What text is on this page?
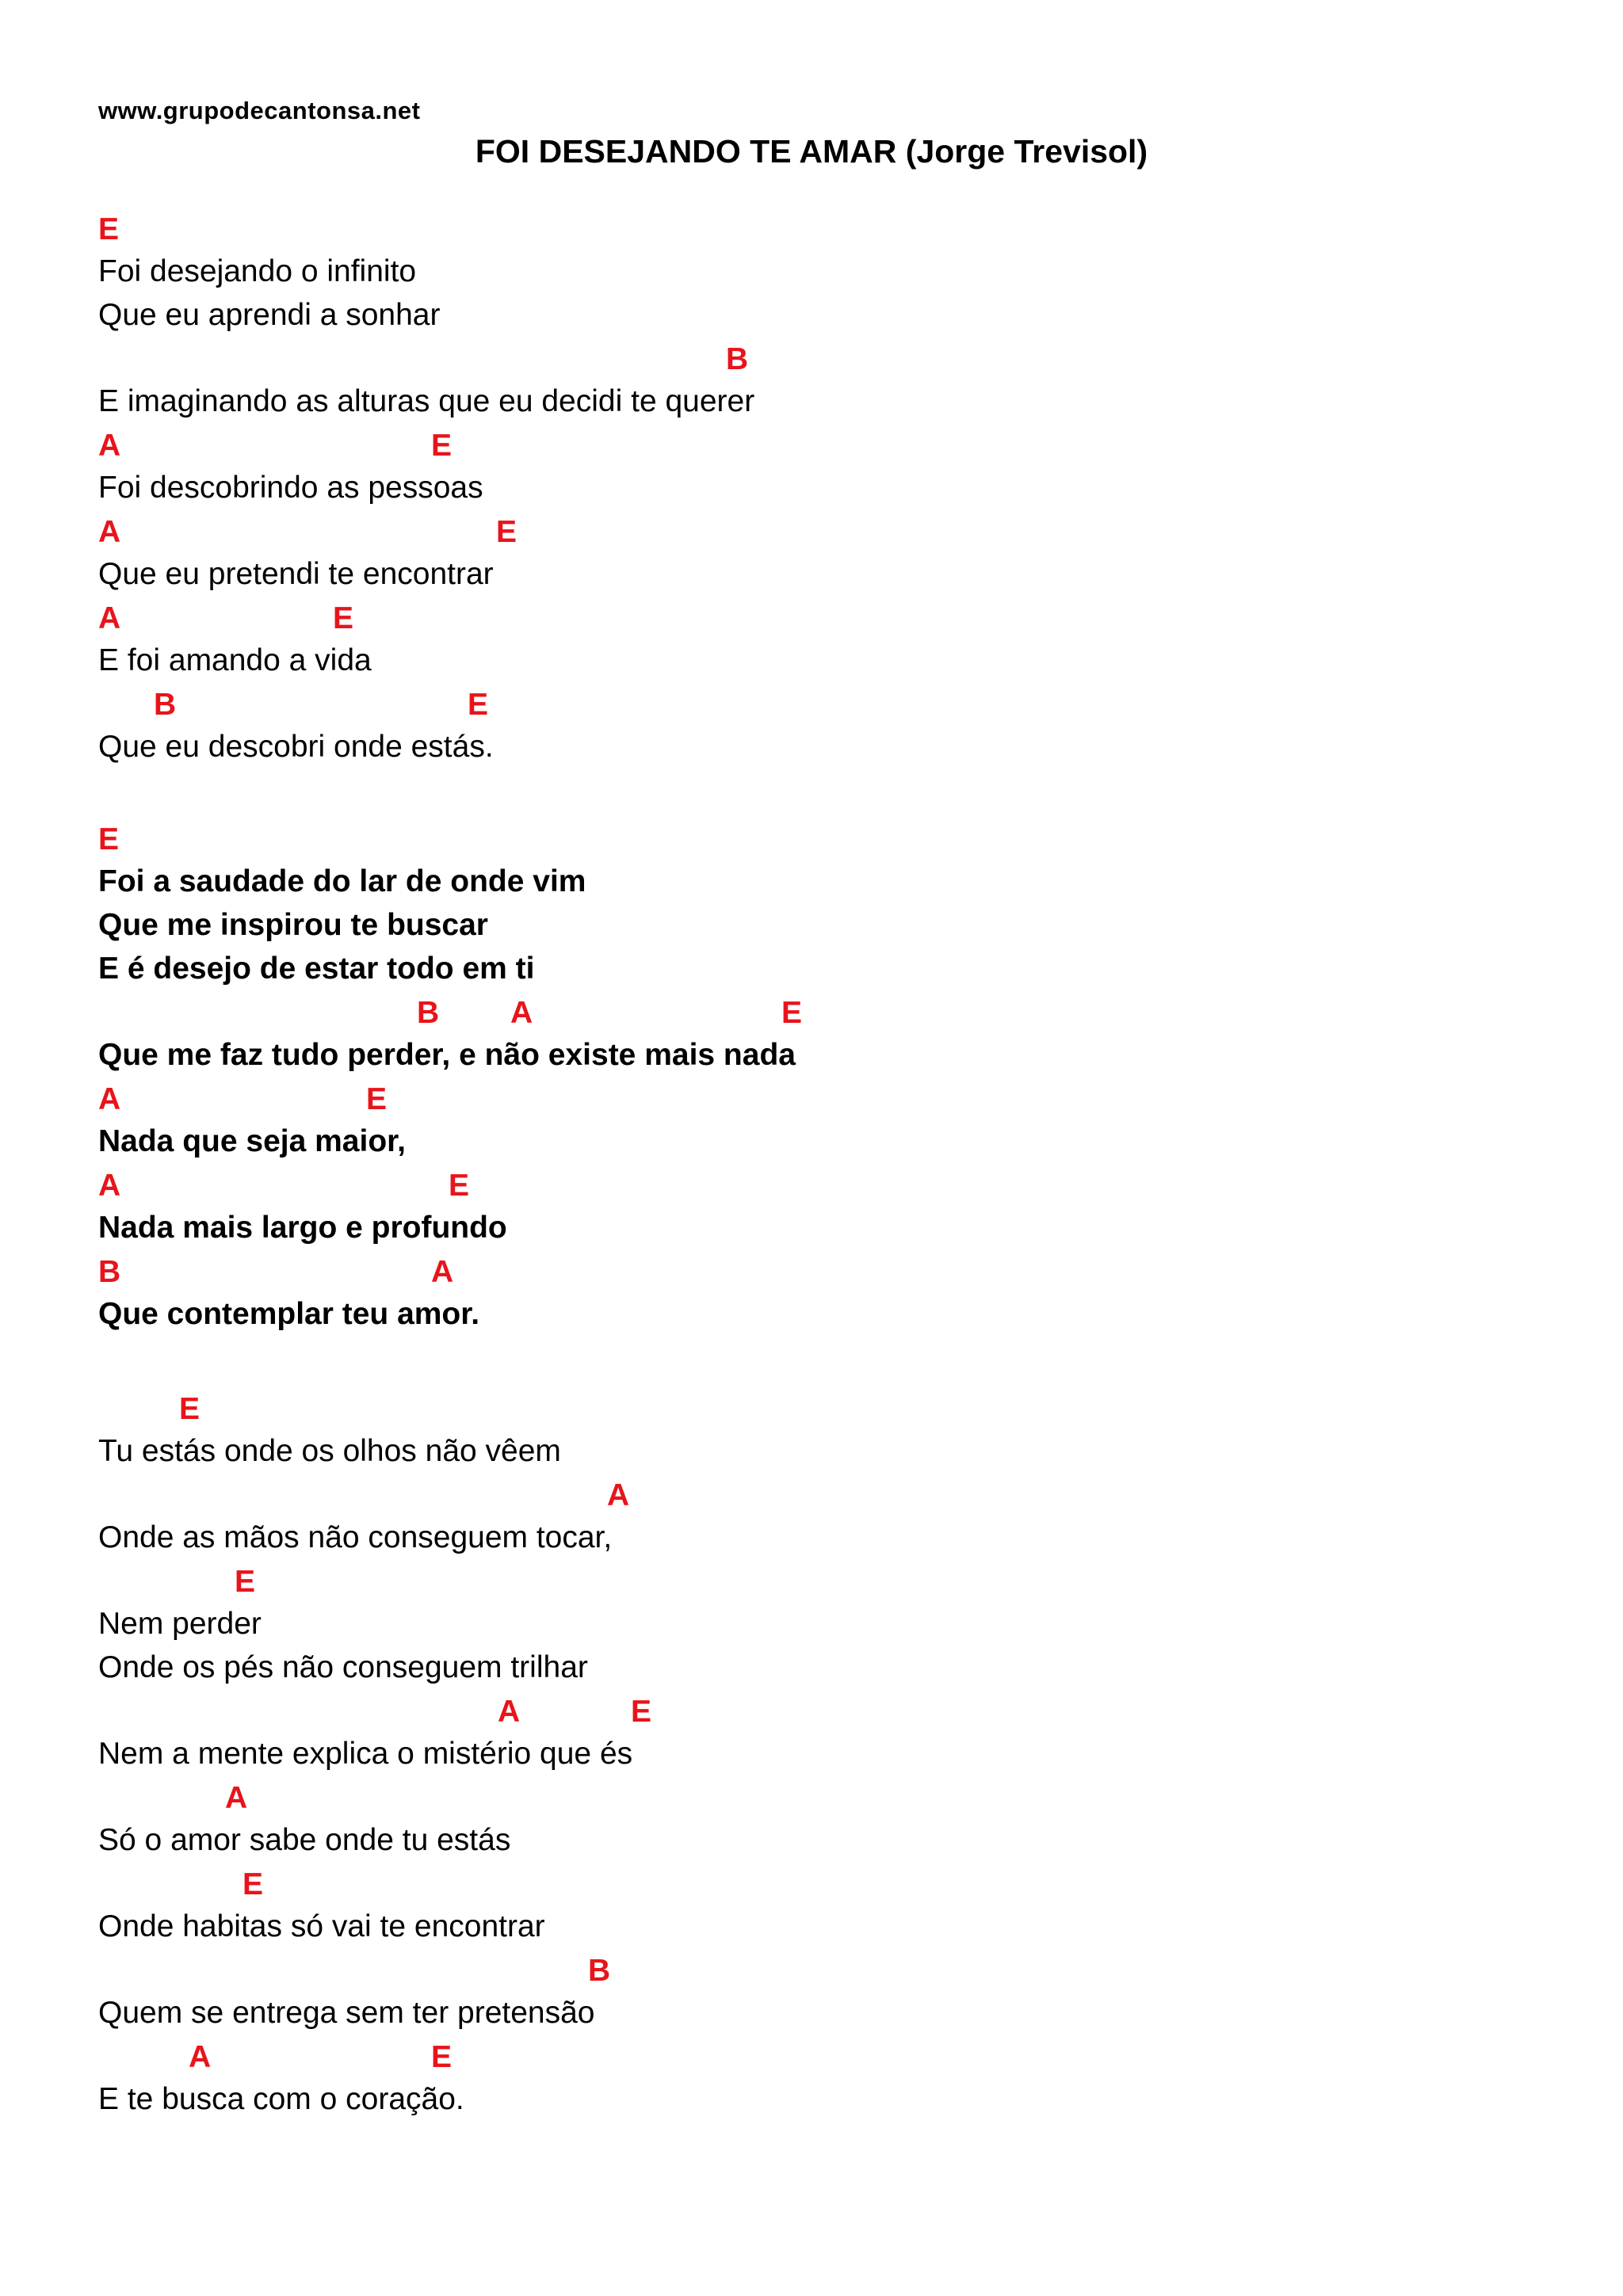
www.grupodecantonsa.net
FOI DESEJANDO TE AMAR (Jorge Trevisol)
E
Foi desejando o infinito
Que eu aprendi a sonhar
B
E imaginando as alturas que eu decidi te querer
A	E
Foi descobrindo as pessoas
A	E
Que eu pretendi te encontrar
A	E
E foi amando a vida
B	E
Que eu descobri onde estás.
E
Foi a saudade do lar de onde vim
Que me inspirou te buscar
E é desejo de estar todo em ti
B A	E
Que me faz tudo perder, e não existe mais nada
A	E
Nada que seja maior,
A	E
Nada mais largo e profundo
B	A
Que contemplar teu amor.
E
Tu estás onde os olhos não vêem
A
Onde as mãos não conseguem tocar,
E
Nem perder
Onde os pés não conseguem trilhar
A	E
Nem a mente explica o mistério que és
A
Só o amor sabe onde tu estás
E
Onde habitas só vai te encontrar
B
Quem se entrega sem ter pretensão
A	E
E te busca com o coração.
